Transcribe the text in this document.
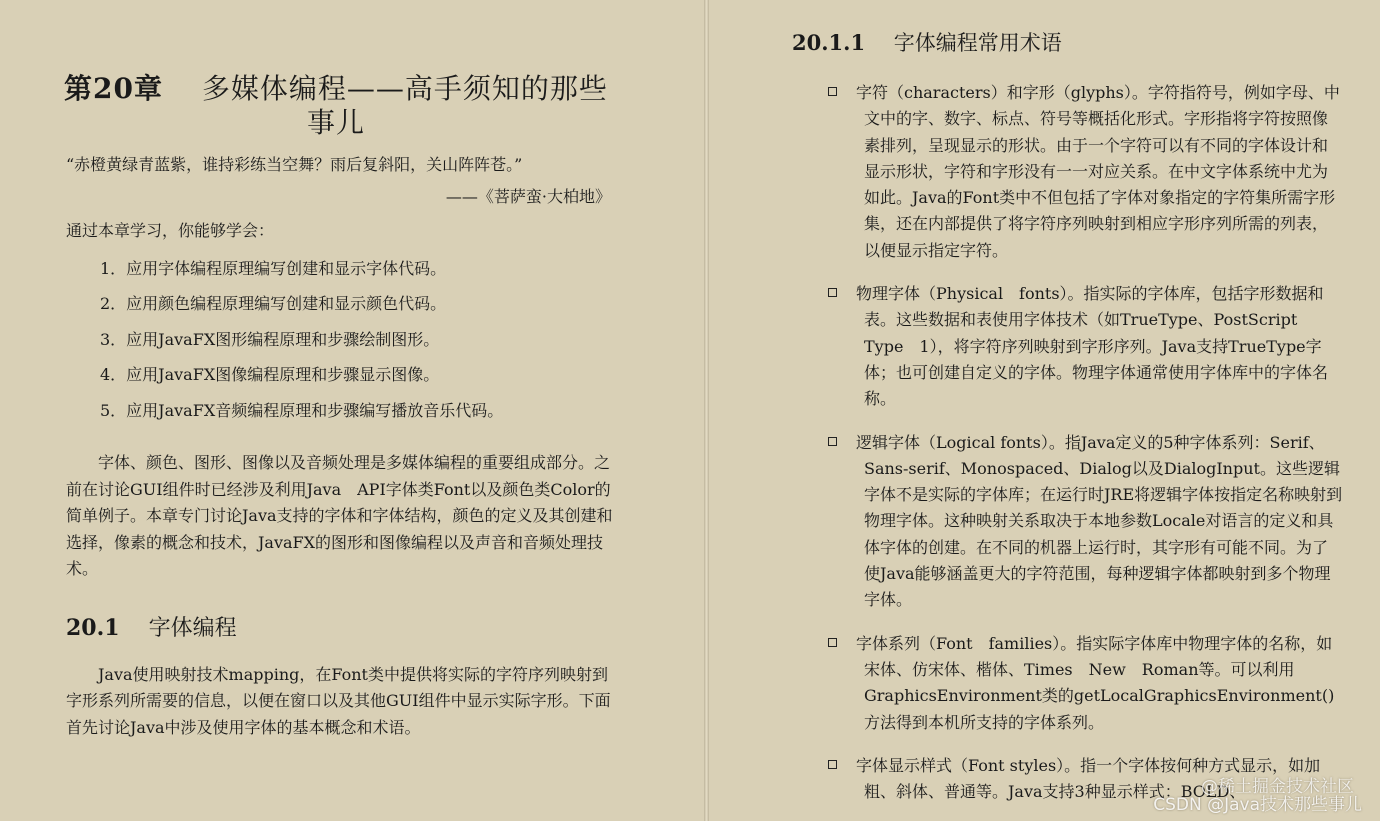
第20章　 多媒体编程——高手须知的那些事儿

“赤橙黄绿青蓝紫，谁持彩练当空舞？雨后复斜阳，关山阵阵苍。”

——《菩萨蛮·大柏地》

通过本章学习，你能够学会：

1．应用字体编程原理编写创建和显示字体代码。
2．应用颜色编程原理编写创建和显示颜色代码。
3．应用JavaFX图形编程原理和步骤绘制图形。
4．应用JavaFX图像编程原理和步骤显示图像。
5．应用JavaFX音频编程原理和步骤编写播放音乐代码。

字体、颜色、图形、图像以及音频处理是多媒体编程的重要组成部分。之前在讨论GUI组件时已经涉及利用Java　API字体类Font以及颜色类Color的简单例子。本章专门讨论Java支持的字体和字体结构，颜色的定义及其创建和选择，像素的概念和技术，JavaFX的图形和图像编程以及声音和音频处理技术。

20.1 字体编程

Java使用映射技术mapping，在Font类中提供将实际的字符序列映射到字形系列所需要的信息，以便在窗口以及其他GUI组件中显示实际字形。下面首先讨论Java中涉及使用字体的基本概念和术语。

20.1.1 字体编程常用术语
字符（characters）和字形（glyphs）。字符指符号，例如字母、中文中的字、数字、标点、符号等概括化形式。字形指将字符按照像素排列，呈现显示的形状。由于一个字符可以有不同的字体设计和显示形状，字符和字形没有一一对应关系。在中文字体系统中尤为如此。Java的Font类中不但包括了字体对象指定的字符集所需字形集，还在内部提供了将字符序列映射到相应字形序列所需的列表，以便显示指定字符。
物理字体（Physical　fonts）。指实际的字体库，包括字形数据和表。这些数据和表使用字体技术（如TrueType、PostScript　Type　1），将字符序列映射到字形序列。Java支持TrueType字体；也可创建自定义的字体。物理字体通常使用字体库中的字体名称。
逻辑字体（Logical fonts）。指Java定义的5种字体系列：Serif、Sans-serif、Monospaced、Dialog以及DialogInput。这些逻辑字体不是实际的字体库；在运行时JRE将逻辑字体按指定名称映射到物理字体。这种映射关系取决于本地参数Locale对语言的定义和具体字体的创建。在不同的机器上运行时，其字形有可能不同。为了使Java能够涵盖更大的字符范围，每种逻辑字体都映射到多个物理字体。
字体系列（Font　families）。指实际字体库中物理字体的名称，如宋体、仿宋体、楷体、Times　New　Roman等。可以利用GraphicsEnvironment类的getLocalGraphicsEnvironment()方法得到本机所支持的字体系列。
字体显示样式（Font styles）。指一个字体按何种方式显示，如加粗、斜体、普通等。Java支持3种显示样式：BOLD、
@稀土掘金技术社区
CSDN @Java技术那些事儿
